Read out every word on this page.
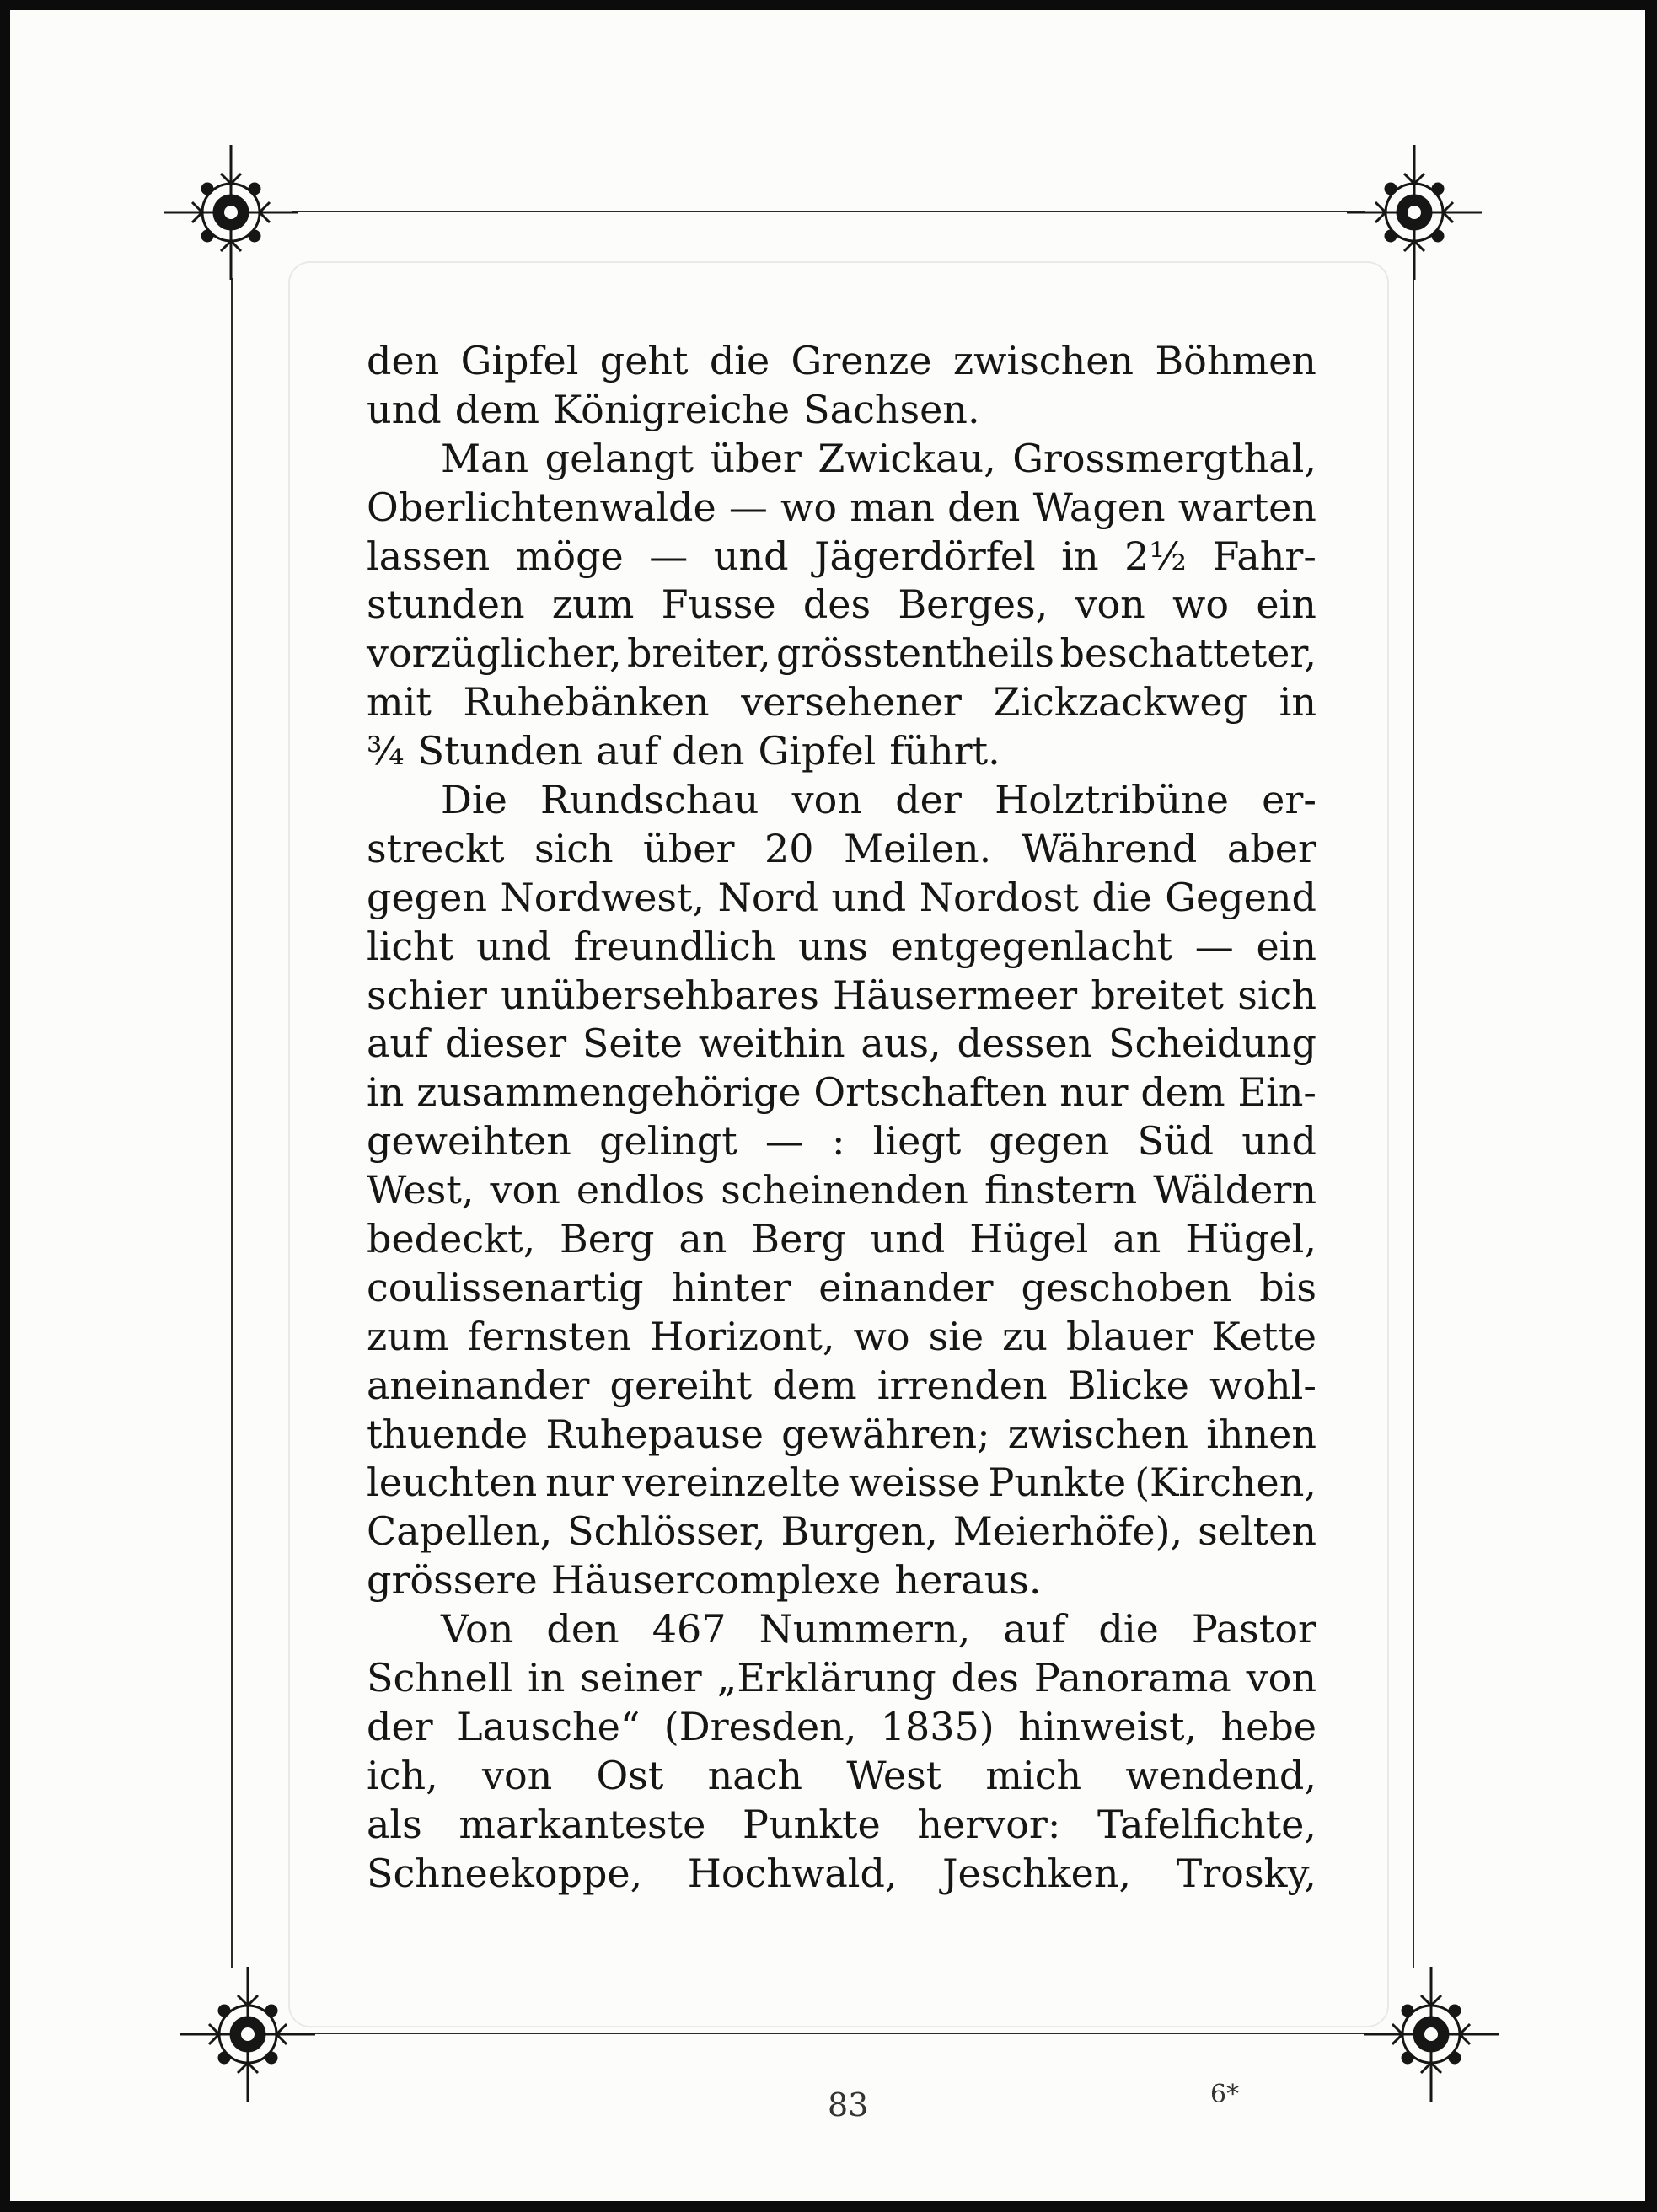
den Gipfel geht die Grenze zwischen Böhmen
und dem Königreiche Sachsen.
Man gelangt über Zwickau, Grossmergthal,
Oberlichtenwalde — wo man den Wagen warten
lassen möge — und Jägerdörfel in 2½ Fahr-
stunden zum Fusse des Berges, von wo ein
vorzüglicher, breiter, grösstentheils beschatteter,
mit Ruhebänken versehener Zickzackweg in
¾ Stunden auf den Gipfel führt.
Die Rundschau von der Holztribüne er-
streckt sich über 20 Meilen. Während aber
gegen Nordwest, Nord und Nordost die Gegend
licht und freundlich uns entgegenlacht — ein
schier unübersehbares Häusermeer breitet sich
auf dieser Seite weithin aus, dessen Scheidung
in zusammengehörige Ortschaften nur dem Ein-
geweihten gelingt — : liegt gegen Süd und
West, von endlos scheinenden finstern Wäldern
bedeckt, Berg an Berg und Hügel an Hügel,
coulissenartig hinter einander geschoben bis
zum fernsten Horizont, wo sie zu blauer Kette
aneinander gereiht dem irrenden Blicke wohl-
thuende Ruhepause gewähren; zwischen ihnen
leuchten nur vereinzelte weisse Punkte (Kirchen,
Capellen, Schlösser, Burgen, Meierhöfe), selten
grössere Häusercomplexe heraus.
Von den 467 Nummern, auf die Pastor
Schnell in seiner „Erklärung des Panorama von
der Lausche“ (Dresden, 1835) hinweist, hebe
ich, von Ost nach West mich wendend,
als markanteste Punkte hervor: Tafelfichte,
Schneekoppe, Hochwald, Jeschken, Trosky,
83	6*
